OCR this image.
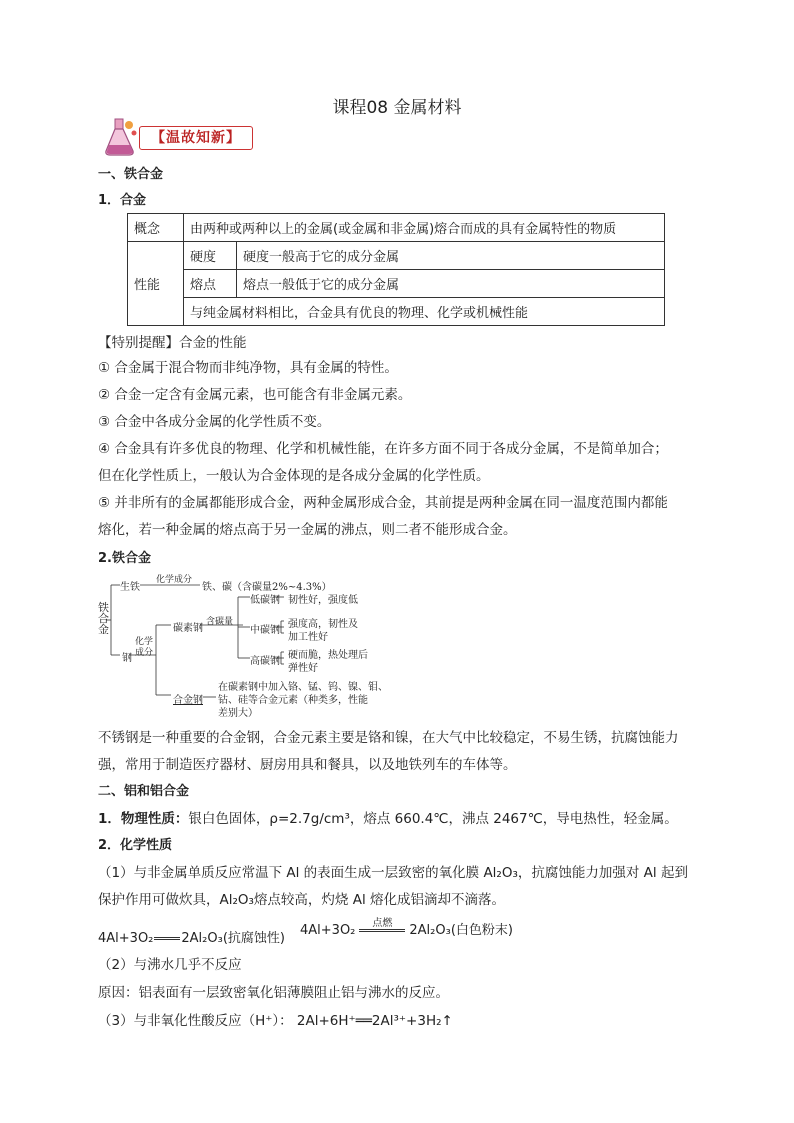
课程08 金属材料
【温故知新】
一、铁合金
1．合金
概念	由两种或两种以上的金属(或金属和非金属)熔合而成的具有金属特性的物质	
性能	硬度	硬度一般高于它的成分金属
	熔点	熔点一般低于它的成分金属
	与纯金属材料相比，合金具有优良的物理、化学或机械性能	
【特别提醒】合金的性能
① 合金属于混合物而非纯净物，具有金属的特性。
② 合金一定含有金属元素，也可能含有非金属元素。
③ 合金中各成分金属的化学性质不变。
④ 合金具有许多优良的物理、化学和机械性能，在许多方面不同于各成分金属，不是简单加合；
但在化学性质上，一般认为合金体现的是各成分金属的化学性质。
⑤ 并非所有的金属都能形成合金，两种金属形成合金，其前提是两种金属在同一温度范围内都能
熔化，若一种金属的熔点高于另一金属的沸点，则二者不能形成合金。
2.铁合金
铁合金
生铁
化学成分
铁、碳（含碳量2%~4.3%）
钢
化学成分
碳素钢
含碳量
低碳钢 韧性好，强度低
中碳钢
强度高，韧性及
加工性好
高碳钢
硬而脆，热处理后
弹性好
合金钢
在碳素钢中加入铬、锰、钨、镍、钼、
钴、硅等合金元素（种类多，性能
差别大）
不锈钢是一种重要的合金钢，合金元素主要是铬和镍，在大气中比较稳定，不易生锈，抗腐蚀能力
强，常用于制造医疗器材、厨房用具和餐具，以及地铁列车的车体等。
二、铝和铝合金
1．物理性质：银白色固体，ρ=2.7g/cm³，熔点 660.4℃，沸点 2467℃，导电热性，轻金属。
2．化学性质
（1）与非金属单质反应常温下 Al 的表面生成一层致密的氧化膜 Al₂O₃，抗腐蚀能力加强对 Al 起到
保护作用可做炊具，Al₂O₃熔点较高，灼烧 Al 熔化成铝滴却不滴落。
4Al+3O₂ 2Al₂O₃(抗腐蚀性)
4Al+3O₂	点燃	2Al₂O₃(白色粉末)
（2）与沸水几乎不反应
原因：铝表面有一层致密氧化铝薄膜阻止铝与沸水的反应。
（3）与非氧化性酸反应（H⁺）： 2Al+6H⁺══2Al³⁺+3H₂↑
